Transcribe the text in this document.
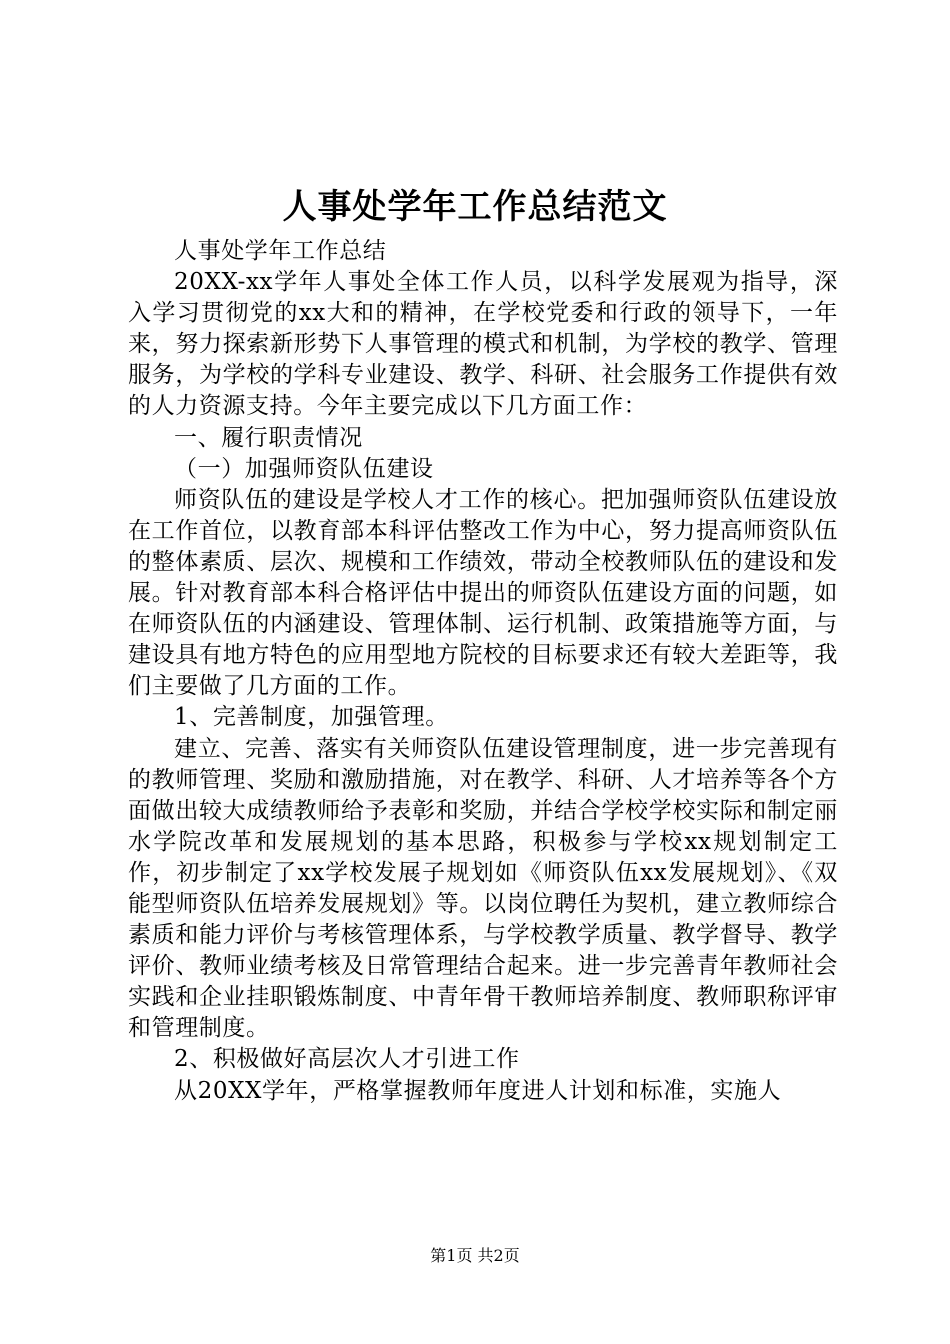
人事处学年工作总结范文

人事处学年工作总结

20XX-xx学年人事处全体工作人员，以科学发展观为指导，深入学习贯彻党的xx大和的精神，在学校党委和行政的领导下，一年来，努力探索新形势下人事管理的模式和机制，为学校的教学、管理服务，为学校的学科专业建设、教学、科研、社会服务工作提供有效的人力资源支持。今年主要完成以下几方面工作：

一、履行职责情况

（一）加强师资队伍建设

师资队伍的建设是学校人才工作的核心。把加强师资队伍建设放在工作首位，以教育部本科评估整改工作为中心，努力提高师资队伍的整体素质、层次、规模和工作绩效，带动全校教师队伍的建设和发展。针对教育部本科合格评估中提出的师资队伍建设方面的问题，如在师资队伍的内涵建设、管理体制、运行机制、政策措施等方面，与建设具有地方特色的应用型地方院校的目标要求还有较大差距等，我们主要做了几方面的工作。

1、完善制度，加强管理。

建立、完善、落实有关师资队伍建设管理制度，进一步完善现有的教师管理、奖励和激励措施，对在教学、科研、人才培养等各个方面做出较大成绩教师给予表彰和奖励，并结合学校学校实际和制定丽水学院改革和发展规划的基本思路，积极参与学校xx规划制定工作，初步制定了xx学校发展子规划如《师资队伍xx发展规划》、《双能型师资队伍培养发展规划》等。以岗位聘任为契机，建立教师综合素质和能力评价与考核管理体系，与学校教学质量、教学督导、教学评价、教师业绩考核及日常管理结合起来。进一步完善青年教师社会实践和企业挂职锻炼制度、中青年骨干教师培养制度、教师职称评审和管理制度。

2、积极做好高层次人才引进工作

从20XX学年，严格掌握教师年度进人计划和标准，实施人

第1页 共2页
